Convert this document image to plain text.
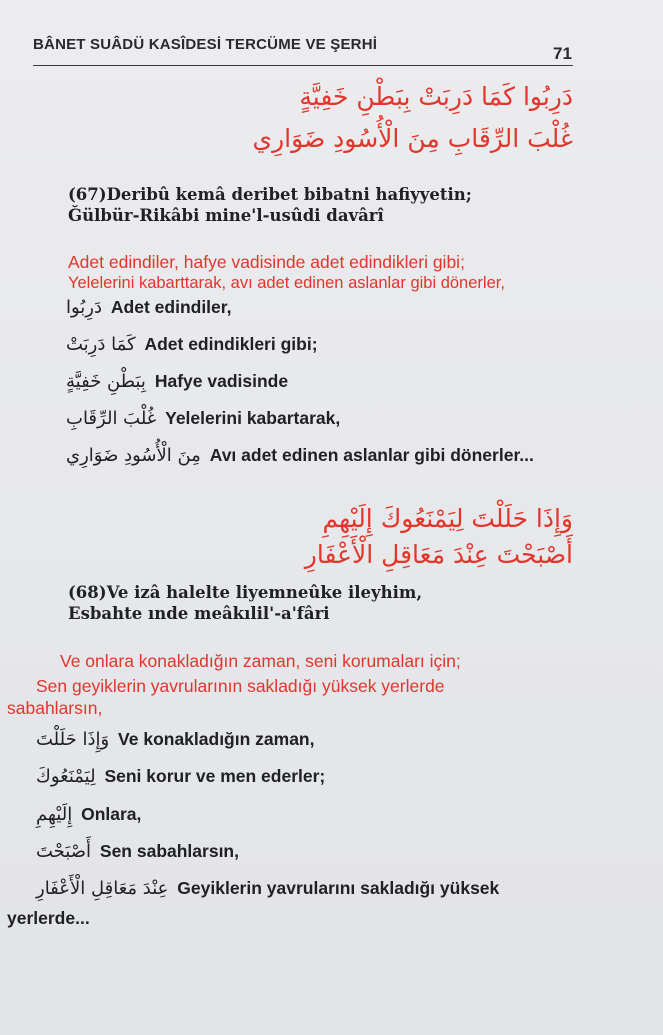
BÂNET SUÂDÜ KASÎDESİ TERCÜME VE ŞERHİ	71
دَرِبُوا كَمَا دَرِبَتْ بِبَطْنِ خَفِيَّةٍ
غُلْبَ الرِّقَابِ مِنَ الْأُسُودِ ضَوَارِي
(67)Deribû kemâ deribet bibatni hafiyyetin;
Ğülbür-Rikâbi mine'l-usûdi davârî
Adet edindiler, hafye vadisinde adet edindikleri gibi;
Yelelerini kabarttarak, avı adet edinen aslanlar gibi dönerler,
دَرِبُوا Adet edindiler,
كَمَا دَرِبَتْ Adet edindikleri gibi;
بِبَطْنِ خَفِيَّةٍ Hafye vadisinde
غُلْبَ الرِّقَابِ Yelelerini kabartarak,
مِنَ الْأُسُودِ ضَوَارِي Avı adet edinen aslanlar gibi dönerler...
وَإِذَا حَلَلْتَ لِيَمْنَعُوكَ إِلَيْهِمِ
أَصْبَحْتَ عِنْدَ مَعَاقِلِ الْأَعْفَارِ
(68)Ve izâ halelte liyemneûke ileyhim,
Esbahte ınde meâkılil'-a'fâri
Ve onlara konakladığın zaman, seni korumaları için;
Sen geyiklerin yavrularının sakladığı yüksek yerlerde
sabahlarsın,
وَإِذَا حَلَلْتَ Ve konakladığın zaman,
لِيَمْنَعُوكَ Seni korur ve men ederler;
إِلَيْهِمِ Onlara,
أَصْبَحْتَ Sen sabahlarsın,
عِنْدَ مَعَاقِلِ الْأَعْفَارِ Geyiklerin yavrularını sakladığı yüksek
yerlerde...
